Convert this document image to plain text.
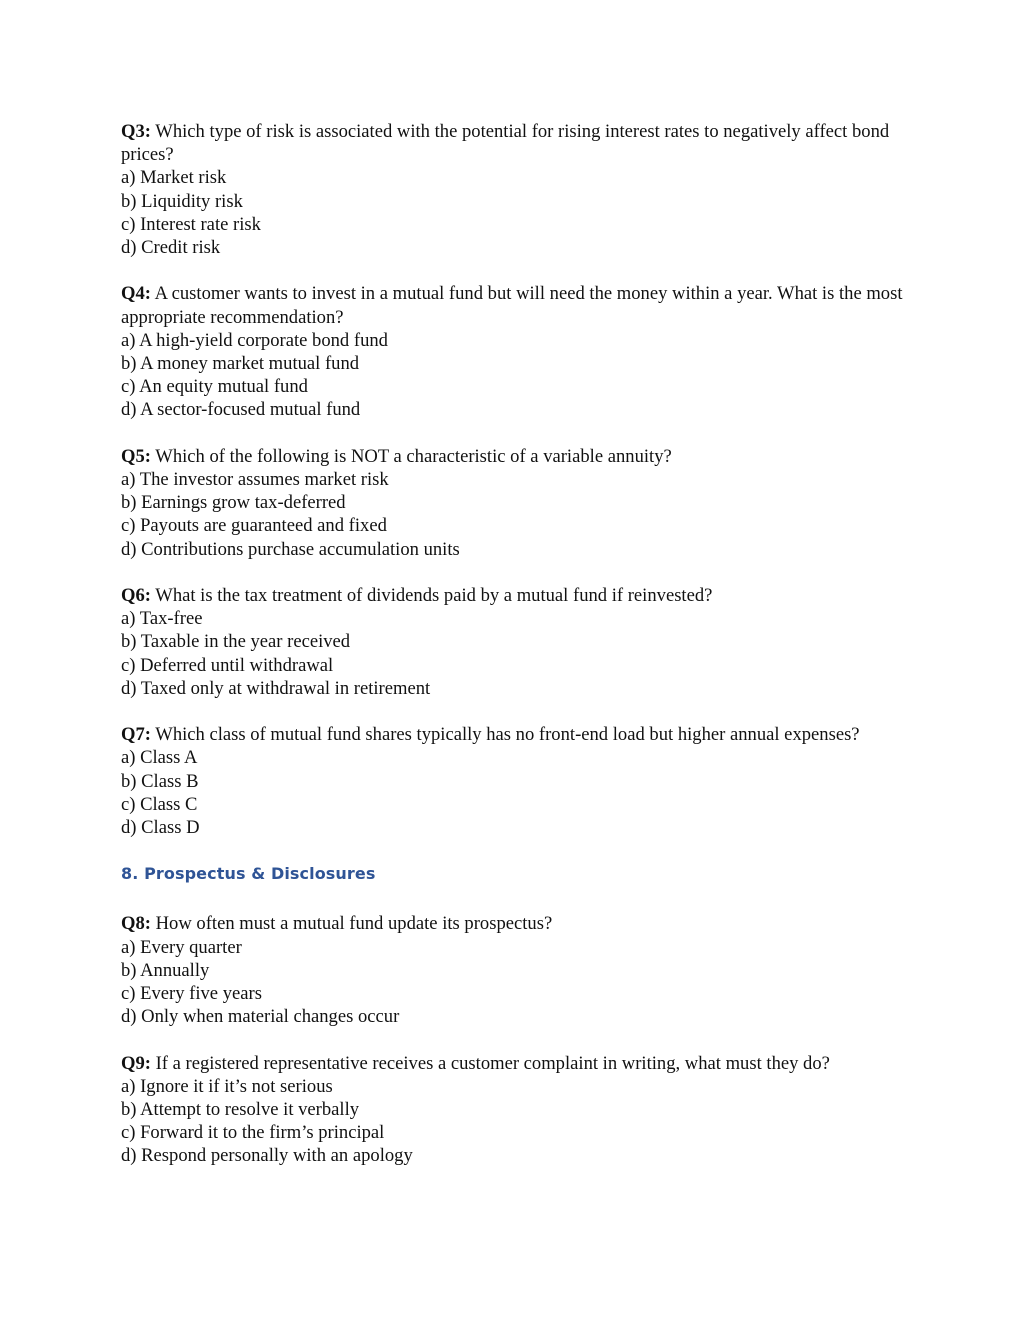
Q3: Which type of risk is associated with the potential for rising interest rates to negatively affect bond prices?

a) Market risk

b) Liquidity risk

c) Interest rate risk

d) Credit risk

Q4: A customer wants to invest in a mutual fund but will need the money within a year. What is the most appropriate recommendation?

a) A high-yield corporate bond fund

b) A money market mutual fund

c) An equity mutual fund

d) A sector-focused mutual fund

Q5: Which of the following is NOT a characteristic of a variable annuity?

a) The investor assumes market risk

b) Earnings grow tax-deferred

c) Payouts are guaranteed and fixed

d) Contributions purchase accumulation units

Q6: What is the tax treatment of dividends paid by a mutual fund if reinvested?

a) Tax-free

b) Taxable in the year received

c) Deferred until withdrawal

d) Taxed only at withdrawal in retirement

Q7: Which class of mutual fund shares typically has no front-end load but higher annual expenses?

a) Class A

b) Class B

c) Class C

d) Class D

8. Prospectus & Disclosures

Q8: How often must a mutual fund update its prospectus?

a) Every quarter

b) Annually

c) Every five years

d) Only when material changes occur

Q9: If a registered representative receives a customer complaint in writing, what must they do?

a) Ignore it if it’s not serious

b) Attempt to resolve it verbally

c) Forward it to the firm’s principal

d) Respond personally with an apology
